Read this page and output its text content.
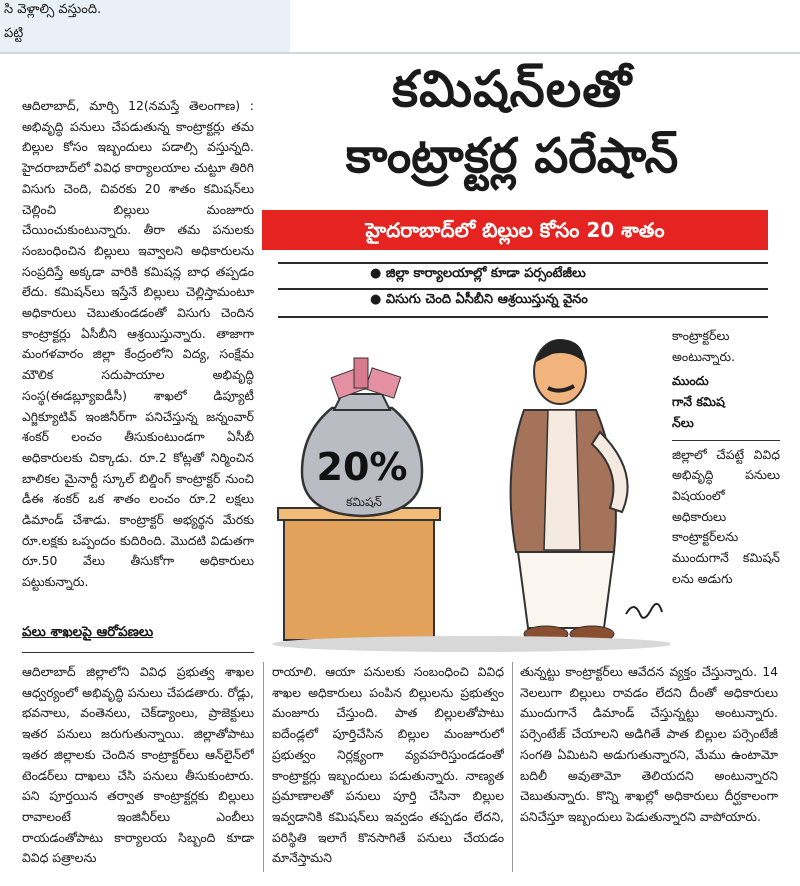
సి వెళ్లాల్సి వస్తుంది.
పట్టి
కమిషన్‌లతో
కాంట్రాక్టర్ల పరేషాన్
హైదరాబాద్‌లో బిల్లుల కోసం 20 శాతం
● జిల్లా కార్యాలయాల్లో కూడా పర్సంటేజీలు
● విసుగు చెంది ఏసీబీని ఆశ్రయిస్తున్న వైనం

ఆదిలాబాద్‌, మార్చి 12(నమస్తే తెలంగాణ) : అభివృద్ధి పనులు చేపడుతున్న కాంట్రాక్టర్లు తమ బిల్లుల కోసం ఇబ్బందులు పడాల్సి వస్తున్నది. హైదరాబాద్‌లో వివిధ కార్యాలయాల చుట్టూ తిరిగి విసుగు చెంది, చివరకు 20 శాతం కమిషన్‌లు చెల్లించి బిల్లులు మంజూరు చేయించుకుంటున్నారు. తీరా తమ పనులకు సంబంధించిన బిల్లులు ఇవ్వాలని అధికారులను సంప్రదిస్తే అక్కడా వారికి కమిషన్ల బాధ తప్పడం లేదు. కమిషన్‌లు ఇస్తేనే బిల్లులు చెల్లిస్తామంటూ అధికారులు చెబుతుండడంతో విసుగు చెందిన కాంట్రాక్టర్లు ఏసీబీని ఆశ్రయిస్తున్నారు. తాజాగా మంగళవారం జిల్లా కేంద్రంలోని విద్య, సంక్షేమ మౌలిక సదుపాయాల అభివృద్ధి సంస్థ(ఈడబ్ల్యూఐడీసీ) శాఖలో డిప్యూటీ ఎగ్జిక్యూటివ్‌ ఇంజినీర్‌గా పనిచేస్తున్న జన్నంవార్‌ శంకర్‌ లంచం తీసుకుంటుండగా ఏసీబీ అధికారులకు చిక్కాడు. రూ.2 కోట్లతో నిర్మించిన బాలికల మైనార్టీ స్కూల్‌ బిల్డింగ్‌ కాంట్రాక్టర్‌ నుంచి డీఈ శంకర్‌ ఒక శాతం లంచం రూ.2 లక్షలు డిమాండ్‌ చేశాడు. కాంట్రాక్టర్‌ అభ్యర్థన మేరకు రూ.లక్షకు ఒప్పందం కుదిరింది. మొదటి విడుతగా రూ.50 వేలు తీసుకోగా అధికారులు పట్టుకున్నారు.

పలు శాఖలపై ఆరోపణలు

ఆదిలాబాద్‌ జిల్లాలోని వివిధ ప్రభుత్వ శాఖల ఆధ్వర్యంలో అభివృద్ధి పనులు చేపడతారు. రోడ్లు, భవనాలు, వంతెనలు, చెక్‌డ్యాంలు, ప్రాజెక్టులు ఇతర పనులు జరుగుతున్నాయి. జిల్లాతోపాటు ఇతర జిల్లాలకు చెందిన కాంట్రాక్టర్‌లు ఆన్‌లైన్‌లో టెండర్‌లు దాఖలు చేసి పనులు తీసుకుంటారు. పని పూర్తయిన తర్వాత కాంట్రాక్టర్లకు బిల్లులు రావాలంటే ఇంజినీర్‌లు ఎంబీలు రాయడంతోపాటు కార్యాలయ సిబ్బంది కూడా వివిధ పత్రాలను

రాయాలి. ఆయా పనులకు సంబంధించి వివిధ శాఖల అధికారులు పంపిన బిల్లులను ప్రభుత్వం మంజూరు చేస్తుంది. పాత బిల్లులతోపాటు ఐదేండ్లలో పూర్తిచేసిన బిల్లుల మంజూరులో ప్రభుత్వం నిర్లక్ష్యంగా వ్యవహరిస్తుండడంతో కాంట్రాక్టర్లు ఇబ్బందులు పడుతున్నారు. నాణ్యత ప్రమాణాలతో పనులు పూర్తి చేసినా బిల్లుల ఇవ్వడానికి కమిషన్‌లు ఇవ్వడం తప్పడం లేదని, పరిస్థితి ఇలాగే కొనసాగితే పనులు చేయడం మానేస్తామని

తున్నట్టు కాంట్రాక్టర్‌లు ఆవేదన వ్యక్తం చేస్తున్నారు. 14 నెలలుగా బిల్లులు రావడం లేదని దీంతో అధికారులు ముందుగానే డిమాండ్‌ చేస్తున్నట్టు అంటున్నారు. పర్సెంటేజ్‌ చేయాలని అడిగితే పాత బిల్లుల పర్సెంటేజీ సంగతి ఏమిటని అడుగుతున్నారని, మేము ఉంటామో బదిలీ అవుతామో తెలియదని అంటున్నారని చెబుతున్నారు. కొన్ని శాఖల్లో అధికారులు దీర్ఘకాలంగా పనిచేస్తూ ఇబ్బందులు పెడుతున్నారని వాపోయారు.

కాంట్రాక్టర్‌లు అంటున్నారు.

ముందు

గానే కమిష

న్‌లు

జిల్లాలో చేపట్టే వివిధ అభివృద్ధి పనులు విషయంలో అధికారులు కాంట్రాక్టర్‌లను ముందుగానే కమిషన్‌ లను అడుగు

20%
కమిషన్‌
